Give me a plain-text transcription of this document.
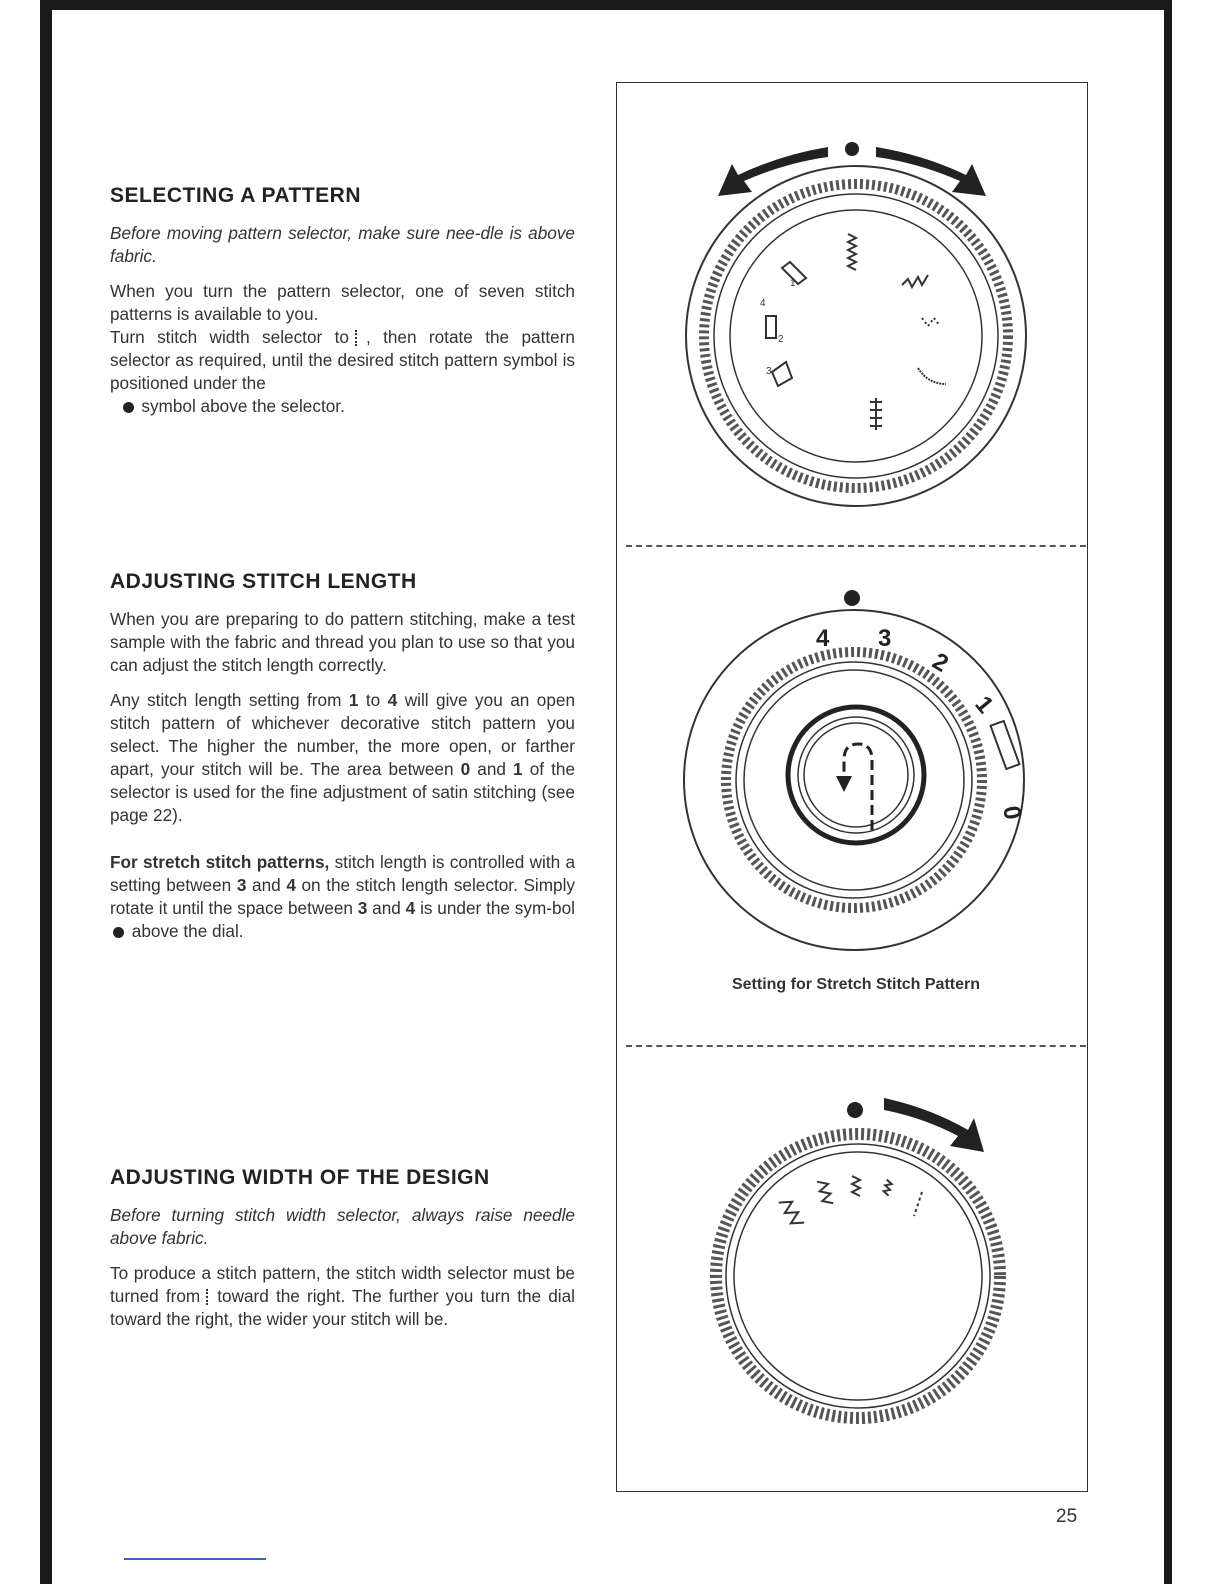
SELECTING A PATTERN

Before moving pattern selector, make sure nee-dle is above fabric.

When you turn the pattern selector, one of seven stitch patterns is available to you.

Turn stitch width selector to , then rotate the pattern selector as required, until the desired stitch pattern symbol is positioned under the
symbol above the selector.

ADJUSTING STITCH LENGTH

When you are preparing to do pattern stitching, make a test sample with the fabric and thread you plan to use so that you can adjust the stitch length correctly.

Any stitch length setting from 1 to 4 will give you an open stitch pattern of whichever decorative stitch pattern you select. The higher the number, the more open, or farther apart, your stitch will be. The area between 0 and 1 of the selector is used for the fine adjustment of satin stitching (see page 22).

For stretch stitch patterns, stitch length is controlled with a setting between 3 and 4 on the stitch length selector. Simply rotate it until the space between 3 and 4 is under the sym-bol  above the dial.

ADJUSTING WIDTH OF THE DESIGN

Before turning stitch width selector, always raise needle above fabric.

To produce a stitch pattern, the stitch width selector must be turned from toward the right. The further you turn the dial toward the right, the wider your stitch will be.

4
2
3
1
4 3
2
1
0
Setting for Stretch Stitch Pattern
25
